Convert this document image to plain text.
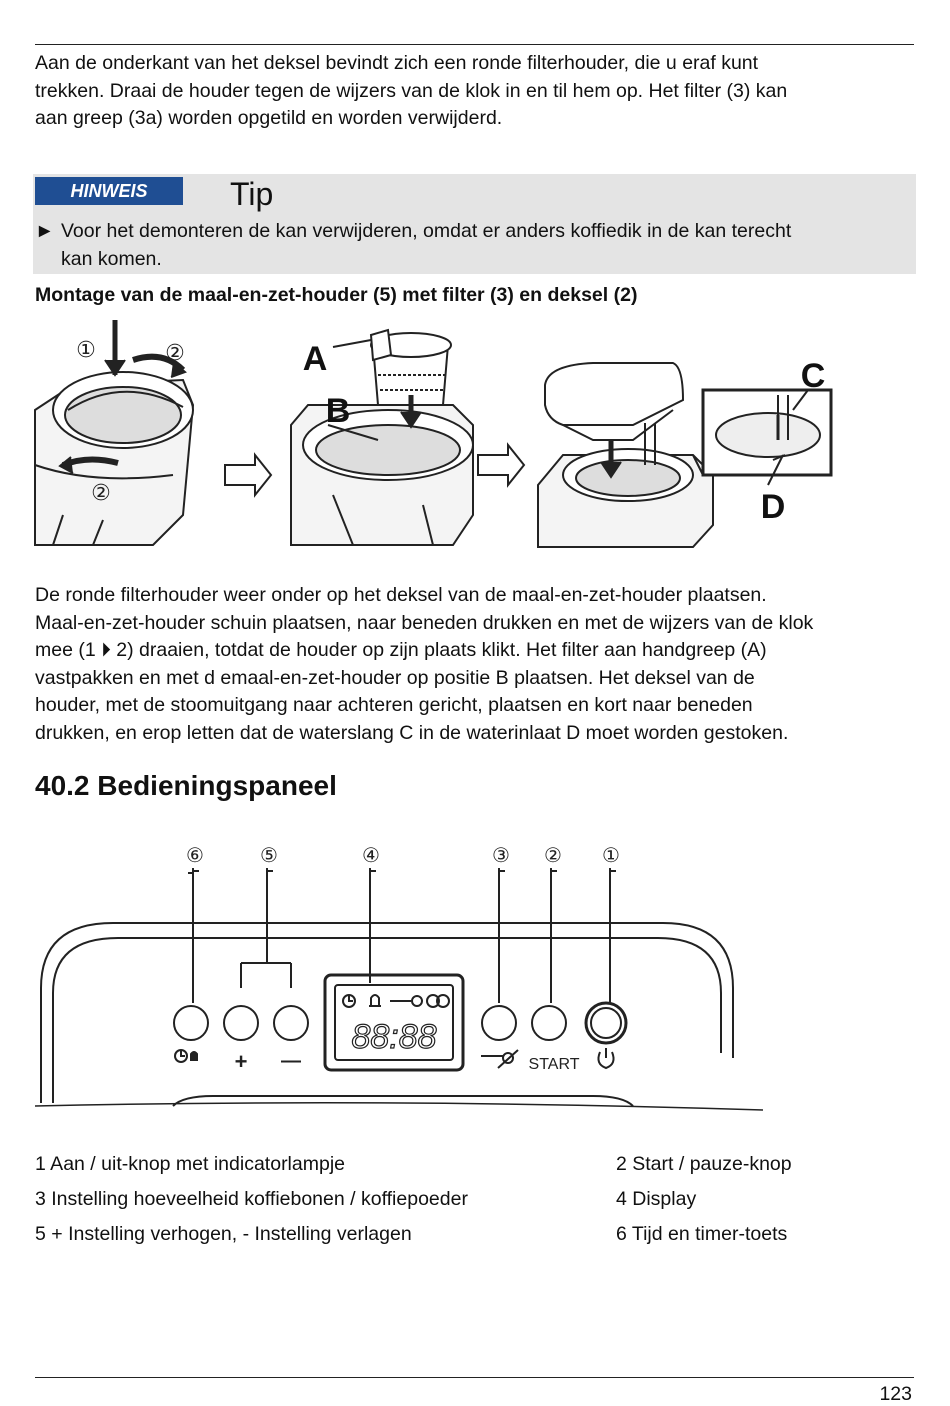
Aan de onderkant van het deksel bevindt zich een ronde filterhouder, die u eraf kunt
trekken. Draai de houder tegen de wijzers van de klok in en til hem op. Het filter (3) kan
aan greep (3a) worden opgetild en worden verwijderd.
HINWEIS	Tip
► Voor het demonteren de kan verwijderen, omdat er anders koffiedik in de kan terecht
kan komen.
Montage van de maal-en-zet-houder (5) met filter (3) en deksel (2)
①	②
②
A
B
C
D
De ronde filterhouder weer onder op het deksel van de maal-en-zet-houder plaatsen.
Maal-en-zet-houder schuin plaatsen, naar beneden drukken en met de wijzers van de klok
mee (1 ⏵ 2) draaien, totdat de houder op zijn plaats klikt. Het filter aan handgreep (A)
vastpakken en met d emaal-en-zet-houder op positie B plaatsen. Het deksel van de
houder, met de stoomuitgang naar achteren gericht, plaatsen en kort naar beneden
drukken, en erop letten dat de waterslang C in de waterinlaat D moet worden gestoken.
40.2 Bedieningspaneel
88:88
⑥	⑤	④	③ ② ①
+ —	START
1 Aan / uit-knop met indicatorlampje	2 Start / pauze-knop
3 Instelling hoeveelheid koffiebonen / koffiepoeder	4 Display
5 + Instelling verhogen, - Instelling verlagen	6 Tijd en timer-toets
123
